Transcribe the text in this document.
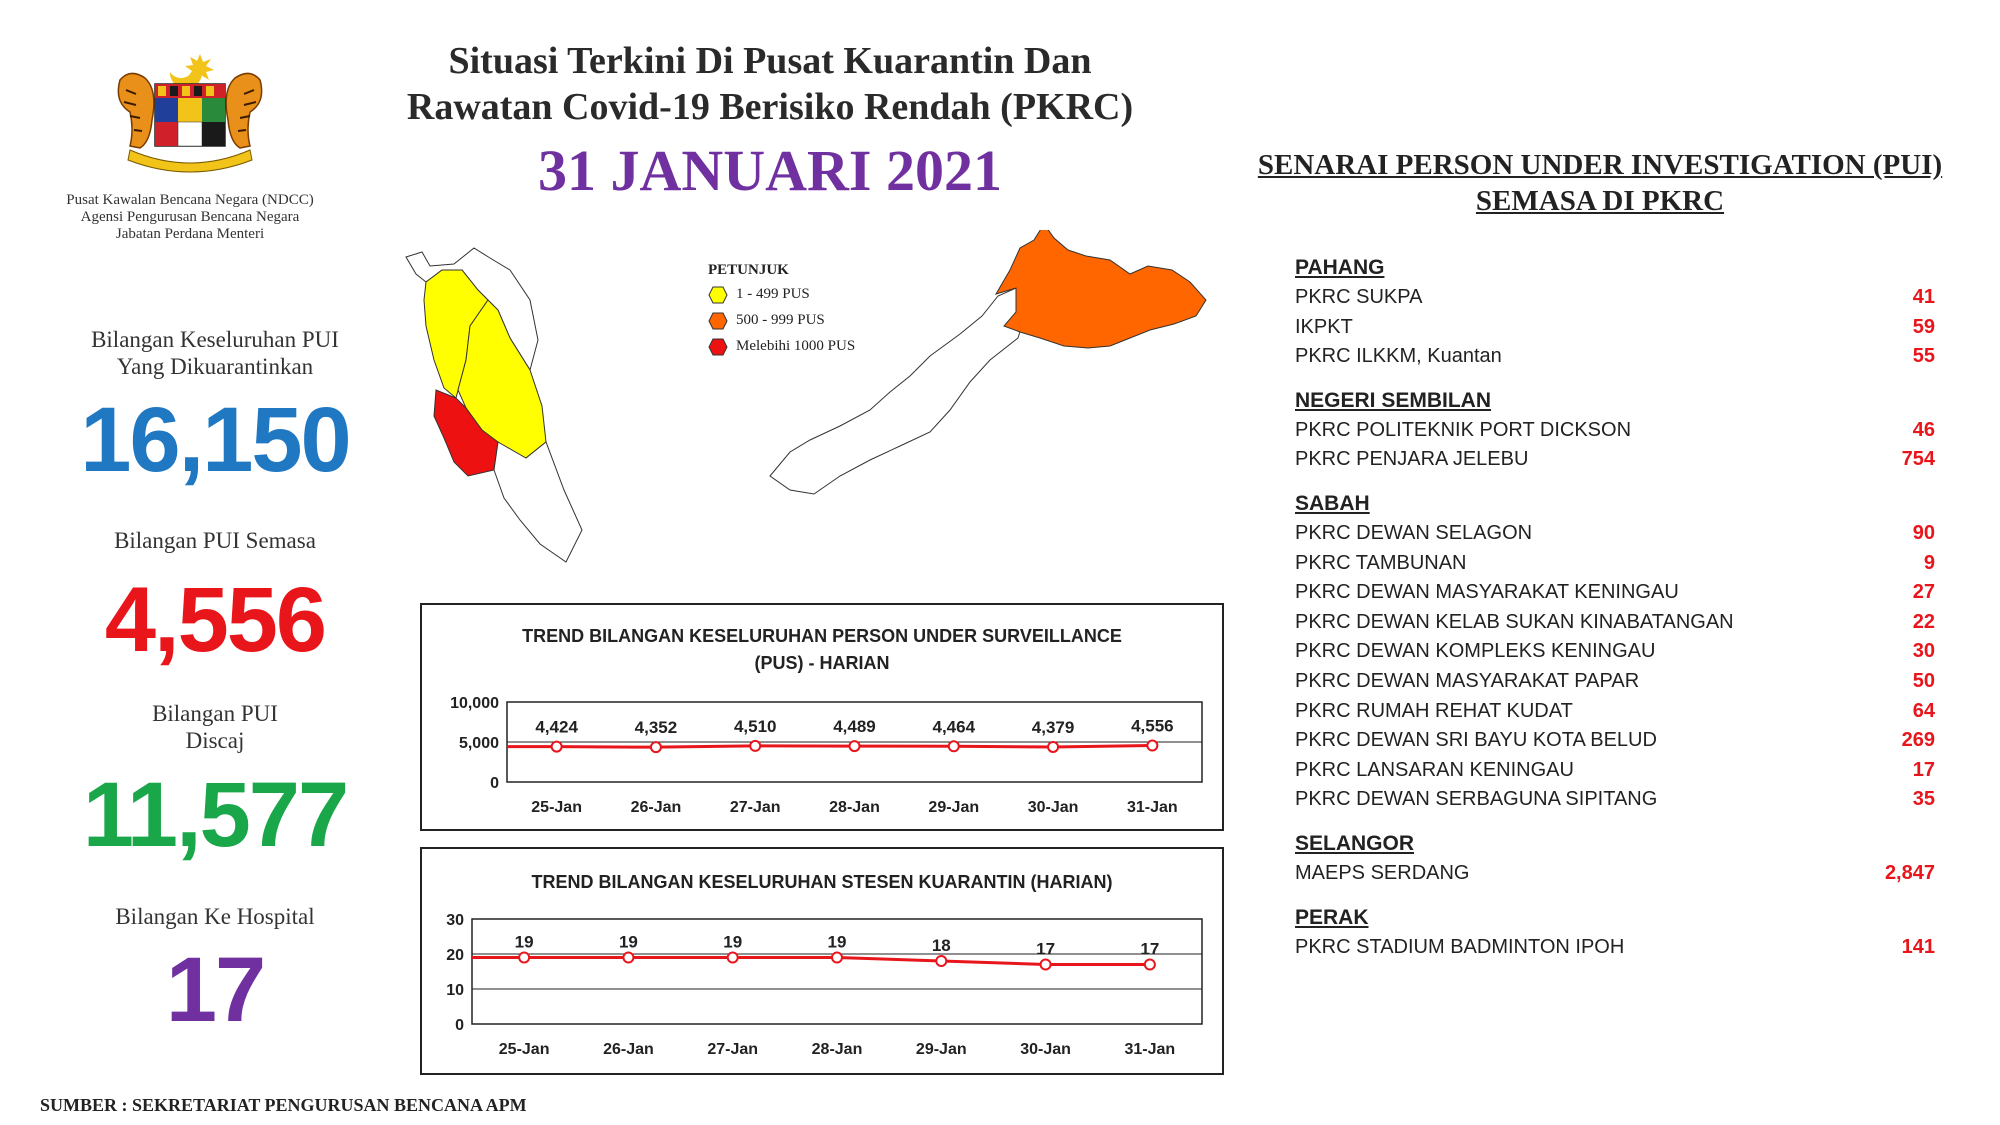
Pusat Kawalan Bencana Negara (NDCC)
Agensi Pengurusan Bencana Negara
Jabatan Perdana Menteri
Situasi Terkini Di Pusat Kuarantin Dan
Rawatan Covid-19 Berisiko Rendah (PKRC)
31 JANUARI 2021
Bilangan Keseluruhan PUI
Yang Dikuarantinkan
16,150
Bilangan PUI Semasa
4,556
Bilangan PUI
Discaj
11,577
Bilangan Ke Hospital
17
PETUNJUK
1 - 499 PUS
500 - 999 PUS
Melebihi 1000 PUS
TREND BILANGAN KESELURUHAN PERSON UNDER SURVEILLANCE
(PUS) - HARIAN
0
5,000
10,000
4,424
25-Jan
4,352
26-Jan
4,510
27-Jan
4,489
28-Jan
4,464
29-Jan
4,379
30-Jan
4,556
31-Jan
TREND BILANGAN KESELURUHAN STESEN KUARANTIN (HARIAN)
0
10
20
30
19
25-Jan
19
26-Jan
19
27-Jan
19
28-Jan
18
29-Jan
17
30-Jan
17
31-Jan
SENARAI PERSON UNDER INVESTIGATION (PUI)
SEMASA DI PKRC
PAHANG
PKRC SUKPA	41
IKPKT	59
PKRC ILKKM, Kuantan	55
NEGERI SEMBILAN
PKRC POLITEKNIK PORT DICKSON	46
PKRC PENJARA JELEBU	754
SABAH
PKRC DEWAN SELAGON	90
PKRC TAMBUNAN	9
PKRC DEWAN MASYARAKAT KENINGAU	27
PKRC DEWAN KELAB SUKAN KINABATANGAN	22
PKRC DEWAN KOMPLEKS KENINGAU	30
PKRC DEWAN MASYARAKAT PAPAR	50
PKRC RUMAH REHAT KUDAT	64
PKRC DEWAN SRI BAYU KOTA BELUD	269
PKRC LANSARAN KENINGAU	17
PKRC DEWAN SERBAGUNA SIPITANG	35
SELANGOR
MAEPS SERDANG	2,847
PERAK
PKRC STADIUM BADMINTON IPOH	141
SUMBER : SEKRETARIAT PENGURUSAN BENCANA APM
